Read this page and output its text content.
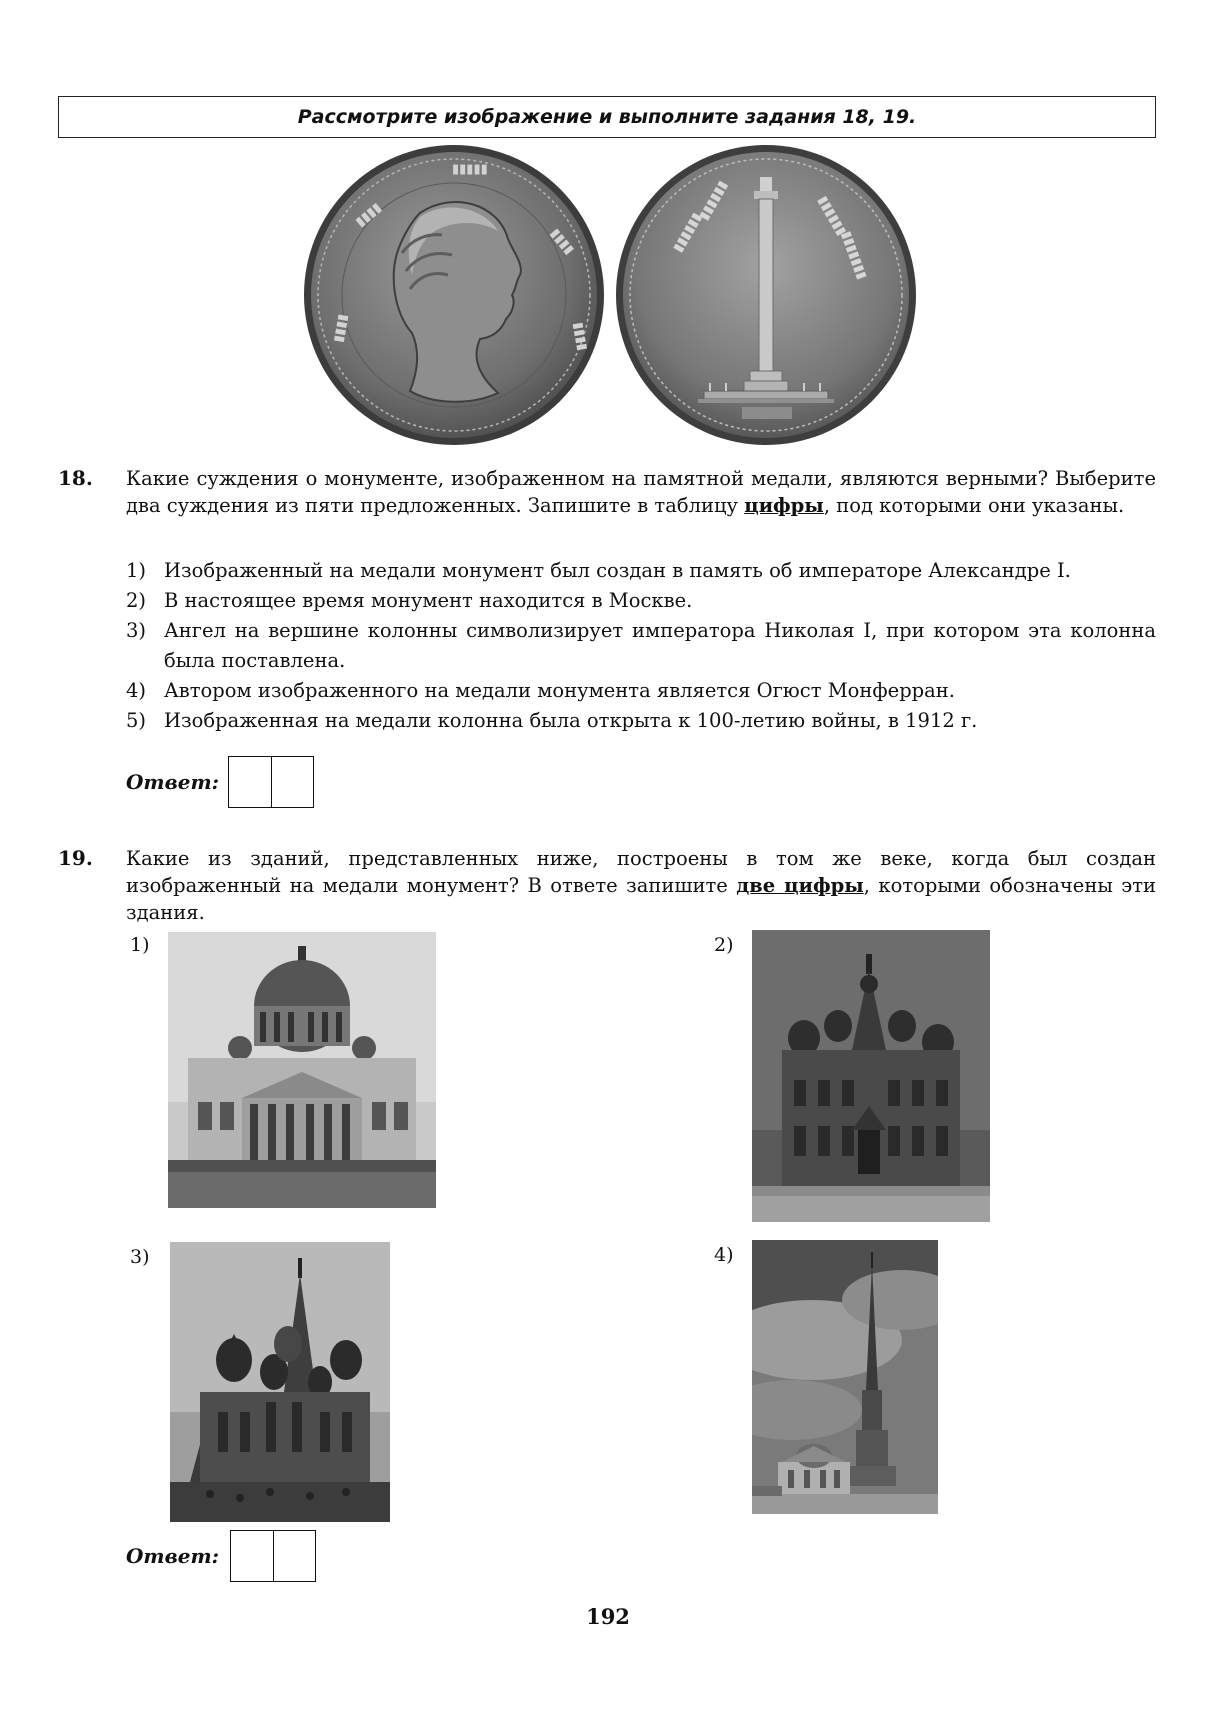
Рассмотрите изображение и выполните задания 18, 19.
▮▮▮▮
▮▮▮▮▮
▮▮▮▮
▮▮▮▮
▮▮▮▮
▮▮▮▮▮▮
▮▮▮▮▮▮	▮▮▮▮▮▮
▮▮▮▮▮▮▮
18. Какие суждения о монументе, изображенном на памятной медали, являются верными? Выберите два суждения из пяти предложенных. Запишите в таблицу цифры, под которыми они указаны.
1) Изображенный на медали монумент был создан в память об императоре Александре I.
2) В настоящее время монумент находится в Москве.
3) Ангел на вершине колонны символизирует императора Николая I, при котором эта колонна была поставлена.
4) Автором изображенного на медали монумента является Огюст Монферран.
5) Изображенная на медали колонна была открыта к 100-летию войны, в 1912 г.
Ответ:
19. Какие из зданий, представленных ниже, построены в том же веке, когда был создан изображенный на медали монумент? В ответе запишите две цифры, которыми обозначены эти здания.
1)	2)
3)	4)
Ответ:
192
